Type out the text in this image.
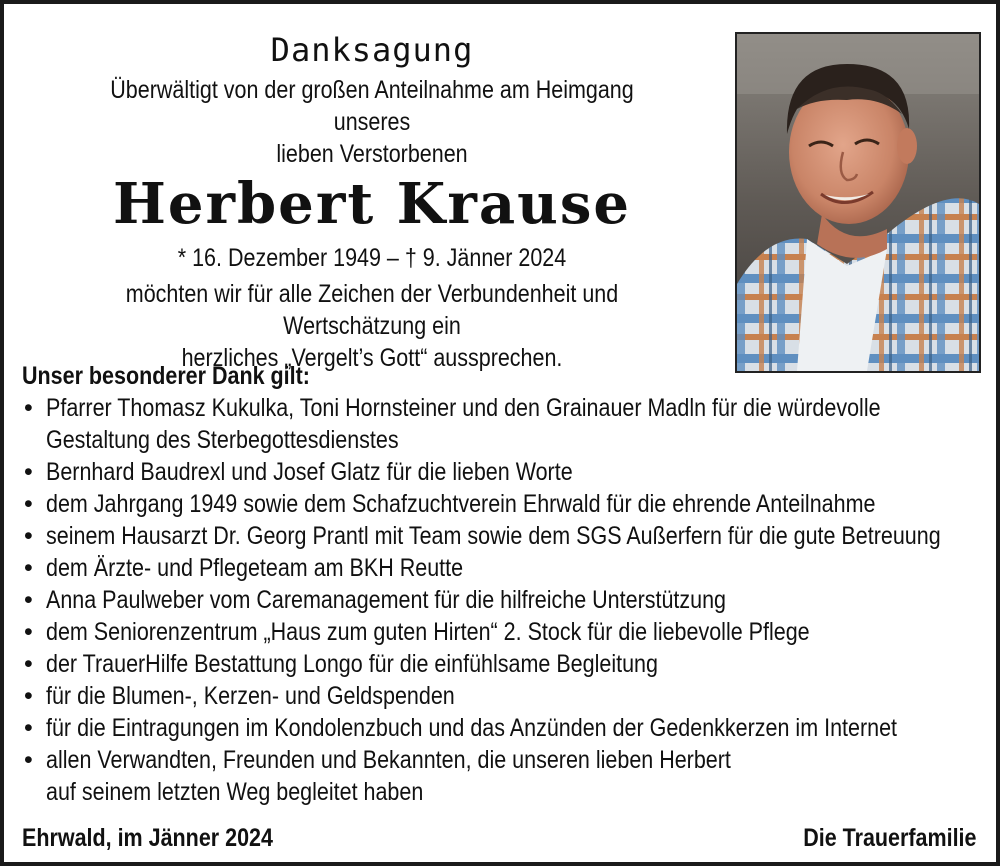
Danksagung
Überwältigt von der großen Anteilnahme am Heimgang unseres
lieben Verstorbenen
Herbert Krause
* 16. Dezember 1949 – † 9. Jänner 2024
möchten wir für alle Zeichen der Verbundenheit und Wertschätzung ein
herzliches „Vergelt’s Gott“ aussprechen.
Unser besonderer Dank gilt:
• Pfarrer Thomasz Kukulka, Toni Hornsteiner und den Grainauer Madln für die würdevolleGestaltung des Sterbegottesdienstes
• Bernhard Baudrexl und Josef Glatz für die lieben Worte
• dem Jahrgang 1949 sowie dem Schafzuchtverein Ehrwald für die ehrende Anteilnahme
• seinem Hausarzt Dr. Georg Prantl mit Team sowie dem SGS Außerfern für die gute Betreuung
• dem Ärzte- und Pflegeteam am BKH Reutte
• Anna Paulweber vom Caremanagement für die hilfreiche Unterstützung
• dem Seniorenzentrum „Haus zum guten Hirten“ 2. Stock für die liebevolle Pflege
• der TrauerHilfe Bestattung Longo für die einfühlsame Begleitung
• für die Blumen-, Kerzen- und Geldspenden
• für die Eintragungen im Kondolenzbuch und das Anzünden der Gedenkkerzen im Internet
• allen Verwandten, Freunden und Bekannten, die unseren lieben Herbertauf seinem letzten Weg begleitet haben
Ehrwald, im Jänner 2024	Die Trauerfamilie
